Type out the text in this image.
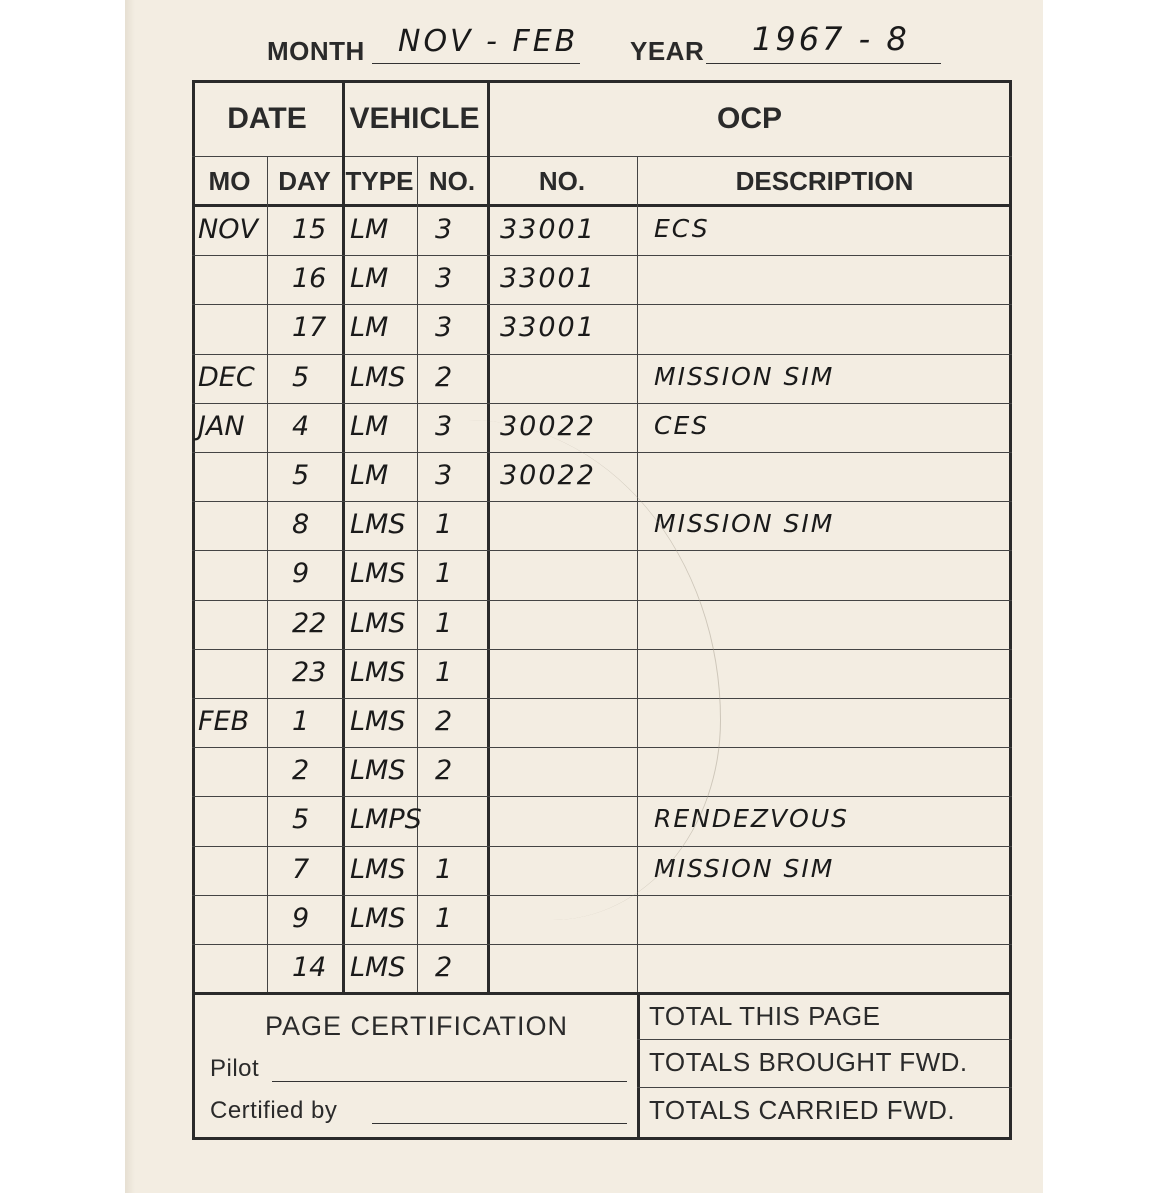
MONTH NOV - FEB YEAR 1967 - 8
DATE	VEHICLE	OCP
MO	DAY TYPE NO.	NO.	DESCRIPTION
NOV 15 LM 3 33001 ECS
16 LM 3 33001
17 LM 3 33001
DEC 5 LMS 2	MISSION SIM
JAN 4 LM 3 30022 CES
5 LM 3 30022
8 LMS 1	MISSION SIM
9 LMS 1
22 LMS 1
23 LMS 1
FEB 1 LMS 2
2 LMS 2
5 LMPS	RENDEZVOUS
7 LMS 1	MISSION SIM
9 LMS 1
14 LMS 2
PAGE CERTIFICATION
Pilot
Certified by
TOTAL THIS PAGE
TOTALS BROUGHT FWD.
TOTALS CARRIED FWD.
